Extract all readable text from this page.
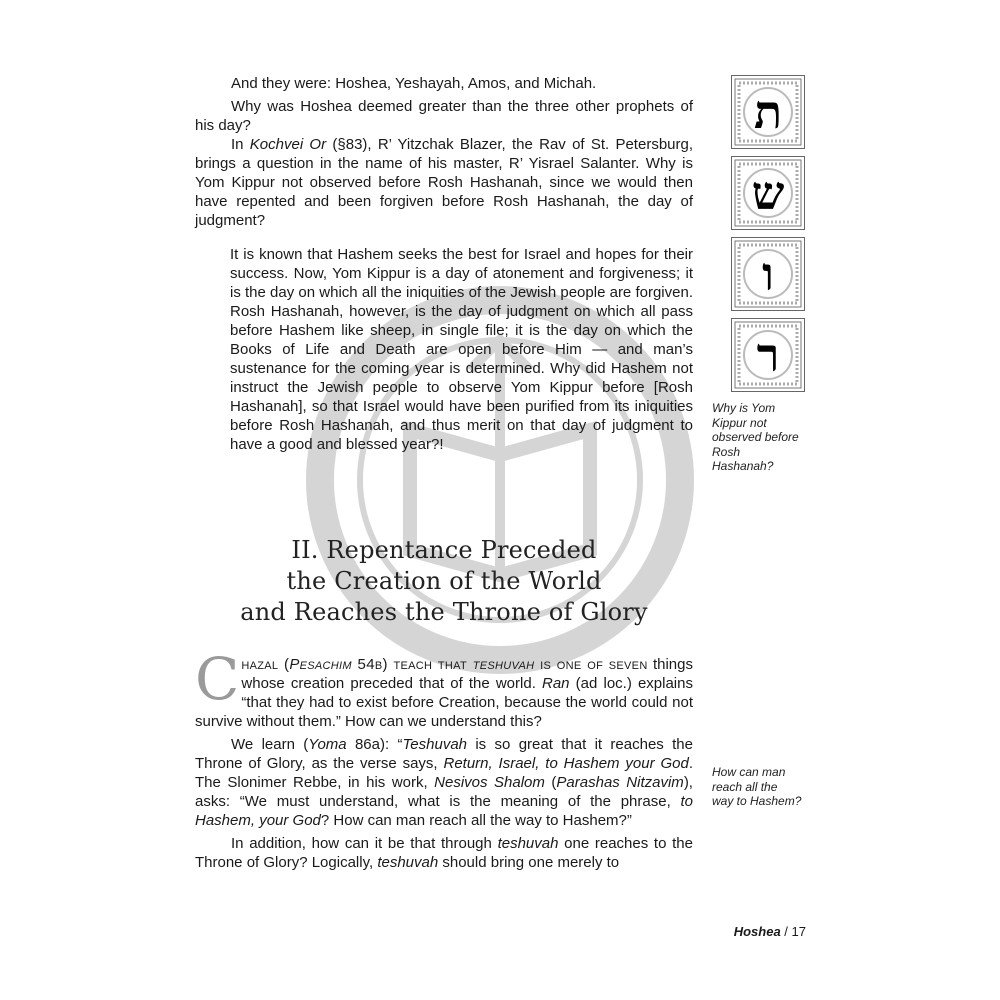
And they were: Hoshea, Yeshayah, Amos, and Michah.

Why was Hoshea deemed greater than the three other prophets of his day?

In Kochvei Or (§83), R’ Yitzchak Blazer, the Rav of St. Petersburg, brings a question in the name of his master, R’ Yisrael Salanter. Why is Yom Kippur not observed before Rosh Hashanah, since we would then have repented and been forgiven before Rosh Hashanah, the day of judgment?

It is known that Hashem seeks the best for Israel and hopes for their success. Now, Yom Kippur is a day of atonement and forgiveness; it is the day on which all the iniquities of the Jewish people are forgiven. Rosh Hashanah, however, is the day of judgment on which all pass before Hashem like sheep, in single file; it is the day on which the Books of Life and Death are open before Him — and man’s sustenance for the coming year is determined. Why did Hashem not instruct the Jewish people to observe Yom Kippur before [Rosh Hashanah], so that Israel would have been purified from its iniquities before Rosh Hashanah, and thus merit on that day of judgment to have a good and blessed year?!

II. Repentance Preceded
the Creation of the World
and Reaches the Throne of Glory

Chazal (Pesachim 54b) teach that teshuvah is one of seven things whose creation preceded that of the world. Ran (ad loc.) explains “that they had to exist before Creation, because the world could not survive without them.” How can we understand this?

We learn (Yoma 86a): “Teshuvah is so great that it reaches the Throne of Glory, as the verse says, Return, Israel, to Hashem your God. The Slonimer Rebbe, in his work, Nesivos Shalom (Parashas Nitzavim), asks: “We must understand, what is the meaning of the phrase, to Hashem, your God? How can man reach all the way to Hashem?”

In addition, how can it be that through teshuvah one reaches to the Throne of Glory? Logically, teshuvah should bring one merely to

ת
ש
ו
ר
Why is Yom Kippur not observed before Rosh Hashanah?
How can man reach all the way to Hashem?
Hoshea / 17
